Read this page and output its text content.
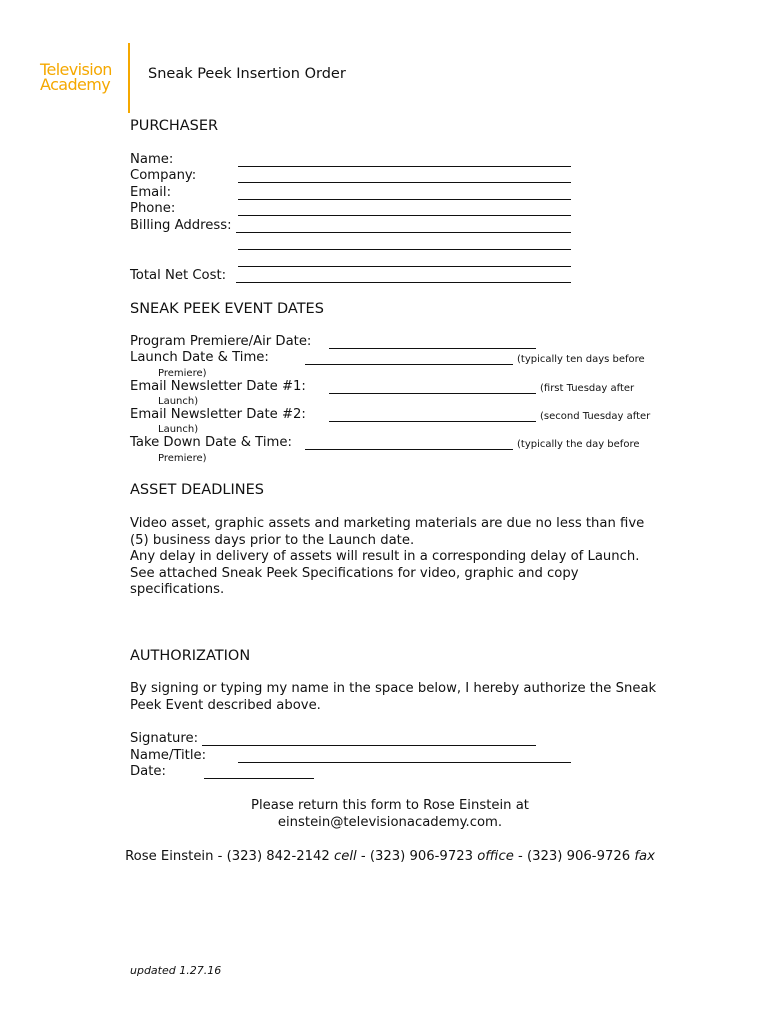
Television
Academy
Sneak Peek Insertion Order
PURCHASER
Name:
Company:
Email:
Phone:
Billing Address:
Total Net Cost:
SNEAK PEEK EVENT DATES
Program Premiere/Air Date:
Launch Date & Time:	(typically ten days before
Premiere)
Email Newsletter Date #1:	(first Tuesday after
Launch)
Email Newsletter Date #2:	(second Tuesday after
Launch)
Take Down Date & Time:	(typically the day before
Premiere)
ASSET DEADLINES
Video asset, graphic assets and marketing materials are due no less than five (5) business days prior to the Launch date.
Any delay in delivery of assets will result in a corresponding delay of Launch.
See attached Sneak Peek Specifications for video, graphic and copy specifications.
AUTHORIZATION
By signing or typing my name in the space below, I hereby authorize the Sneak Peek Event described above.
Signature:
Name/Title:
Date:
Please return this form to Rose Einstein at
einstein@televisionacademy.com.
Rose Einstein - (323) 842-2142 cell - (323) 906-9723 office - (323) 906-9726 fax
updated 1.27.16
